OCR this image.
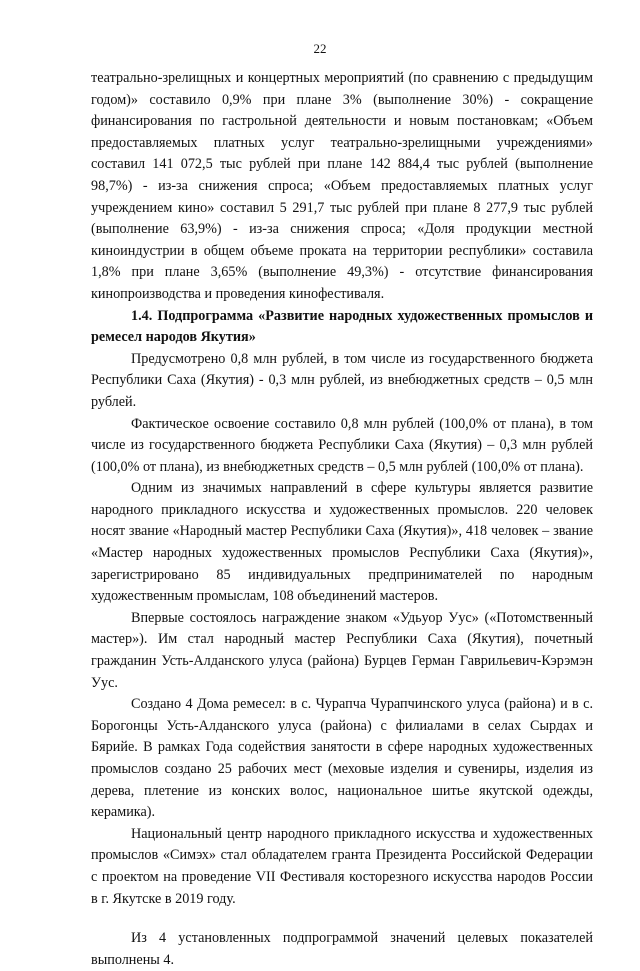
22

театрально-зрелищных и концертных мероприятий (по сравнению с предыдущим годом)» составило 0,9% при плане 3% (выполнение 30%) - сокращение финансирования по гастрольной деятельности и новым постановкам; «Объем предоставляемых платных услуг театрально-зрелищными учреждениями» составил 141 072,5 тыс рублей при плане 142 884,4 тыс рублей (выполнение 98,7%) - из-за снижения спроса; «Объем предоставляемых платных услуг учреждением кино» составил 5 291,7 тыс рублей при плане 8 277,9 тыс рублей (выполнение 63,9%) - из-за снижения спроса; «Доля продукции местной киноиндустрии в общем объеме проката на территории республики» составила 1,8% при плане 3,65% (выполнение 49,3%) - отсутствие финансирования кинопроизводства и проведения кинофестиваля.

1.4. Подпрограмма «Развитие народных художественных промыслов и ремесел народов Якутия»

Предусмотрено 0,8 млн рублей, в том числе из государственного бюджета Республики Саха (Якутия) - 0,3 млн рублей, из внебюджетных средств – 0,5 млн рублей.

Фактическое освоение составило 0,8 млн рублей (100,0% от плана), в том числе из государственного бюджета Республики Саха (Якутия) – 0,3 млн рублей (100,0% от плана), из внебюджетных средств – 0,5 млн рублей (100,0% от плана).

Одним из значимых направлений в сфере культуры является развитие народного прикладного искусства и художественных промыслов. 220 человек носят звание «Народный мастер Республики Саха (Якутия)», 418 человек – звание «Мастер народных художественных промыслов Республики Саха (Якутия)», зарегистрировано 85 индивидуальных предпринимателей по народным художественным промыслам, 108 объединений мастеров.

Впервые состоялось награждение знаком «Удьуор Уус» («Потомственный мастер»). Им стал народный мастер Республики Саха (Якутия), почетный гражданин Усть-Алданского улуса (района) Бурцев Герман Гаврильевич-Кэрэмэн Уус.

Создано 4 Дома ремесел: в с. Чурапча Чурапчинского улуса (района) и в с. Борогонцы Усть-Алданского улуса (района) с филиалами в селах Сырдах и Бярийе. В рамках Года содействия занятости в сфере народных художественных промыслов создано 25 рабочих мест (меховые изделия и сувениры, изделия из дерева, плетение из конских волос, национальное шитье якутской одежды, керамика).

Национальный центр народного прикладного искусства и художественных промыслов «Симэх» стал обладателем гранта Президента Российской Федерации с проектом на проведение VII Фестиваля косторезного искусства народов России в г. Якутске в 2019 году.

Из 4 установленных подпрограммой значений целевых показателей выполнены 4.
